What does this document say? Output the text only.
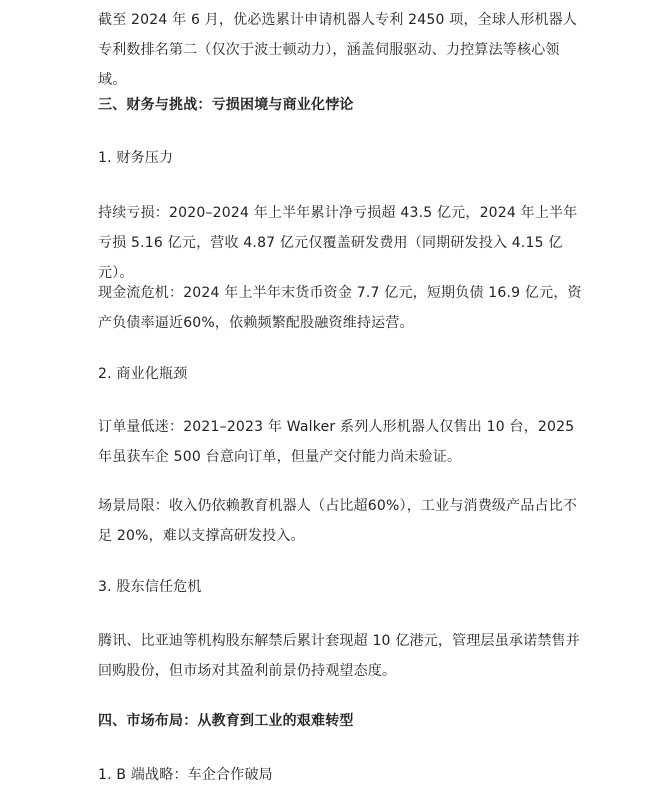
截至 2024 年 6 月，优必选累计申请机器人专利 2450 项，全球人形机器人专利数排名第二（仅次于波士顿动力），涵盖伺服驱动、力控算法等核心领域。

三、财务与挑战：亏损困境与商业化悖论

1. 财务压力

持续亏损：2020–2024 年上半年累计净亏损超 43.5 亿元，2024 年上半年亏损 5.16 亿元，营收 4.87 亿元仅覆盖研发费用（同期研发投入 4.15 亿元）。

现金流危机：2024 年上半年末货币资金 7.7 亿元，短期负债 16.9 亿元，资产负债率逼近60%，依赖频繁配股融资维持运营。

2. 商业化瓶颈

订单量低迷：2021–2023 年 Walker 系列人形机器人仅售出 10 台，2025 年虽获车企 500 台意向订单，但量产交付能力尚未验证。

场景局限：收入仍依赖教育机器人（占比超60%），工业与消费级产品占比不足 20%，难以支撑高研发投入。

3. 股东信任危机

腾讯、比亚迪等机构股东解禁后累计套现超 10 亿港元，管理层虽承诺禁售并回购股份，但市场对其盈利前景仍持观望态度。

四、市场布局：从教育到工业的艰难转型

1. B 端战略：车企合作破局
